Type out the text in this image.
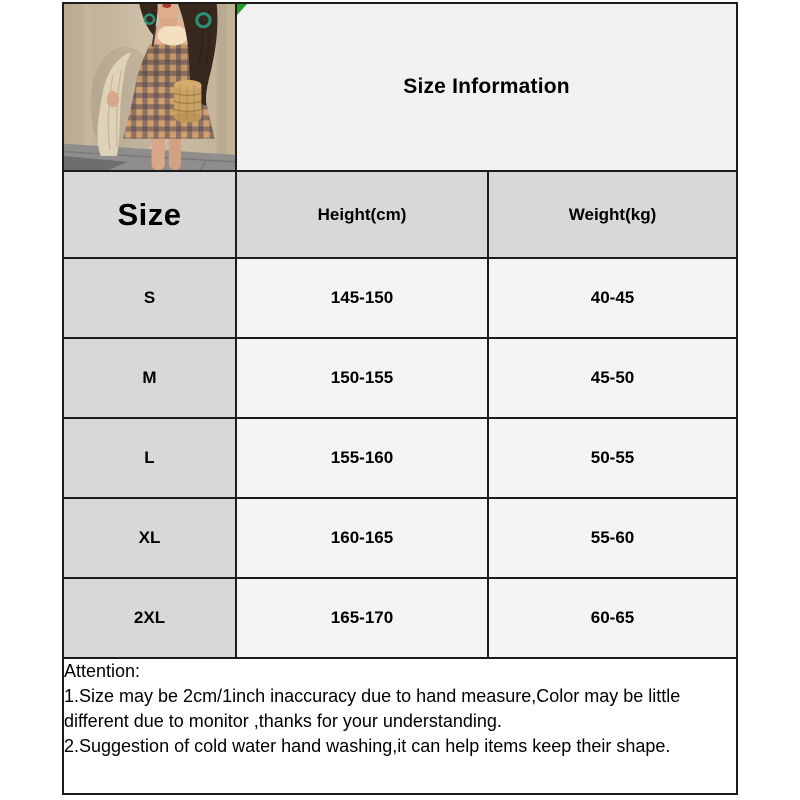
Size Information	
Size	Height(cm)	Weight(kg)
S	145-150	40-45
M	150-155	45-50
L	155-160	50-55
XL	160-165	55-60
2XL	165-170	60-65

Attention:
1.Size may be 2cm/1inch inaccuracy due to hand measure,Color may be little different due to monitor ,thanks for your understanding.
2.Suggestion of cold water hand washing,it can help items keep their shape.		
